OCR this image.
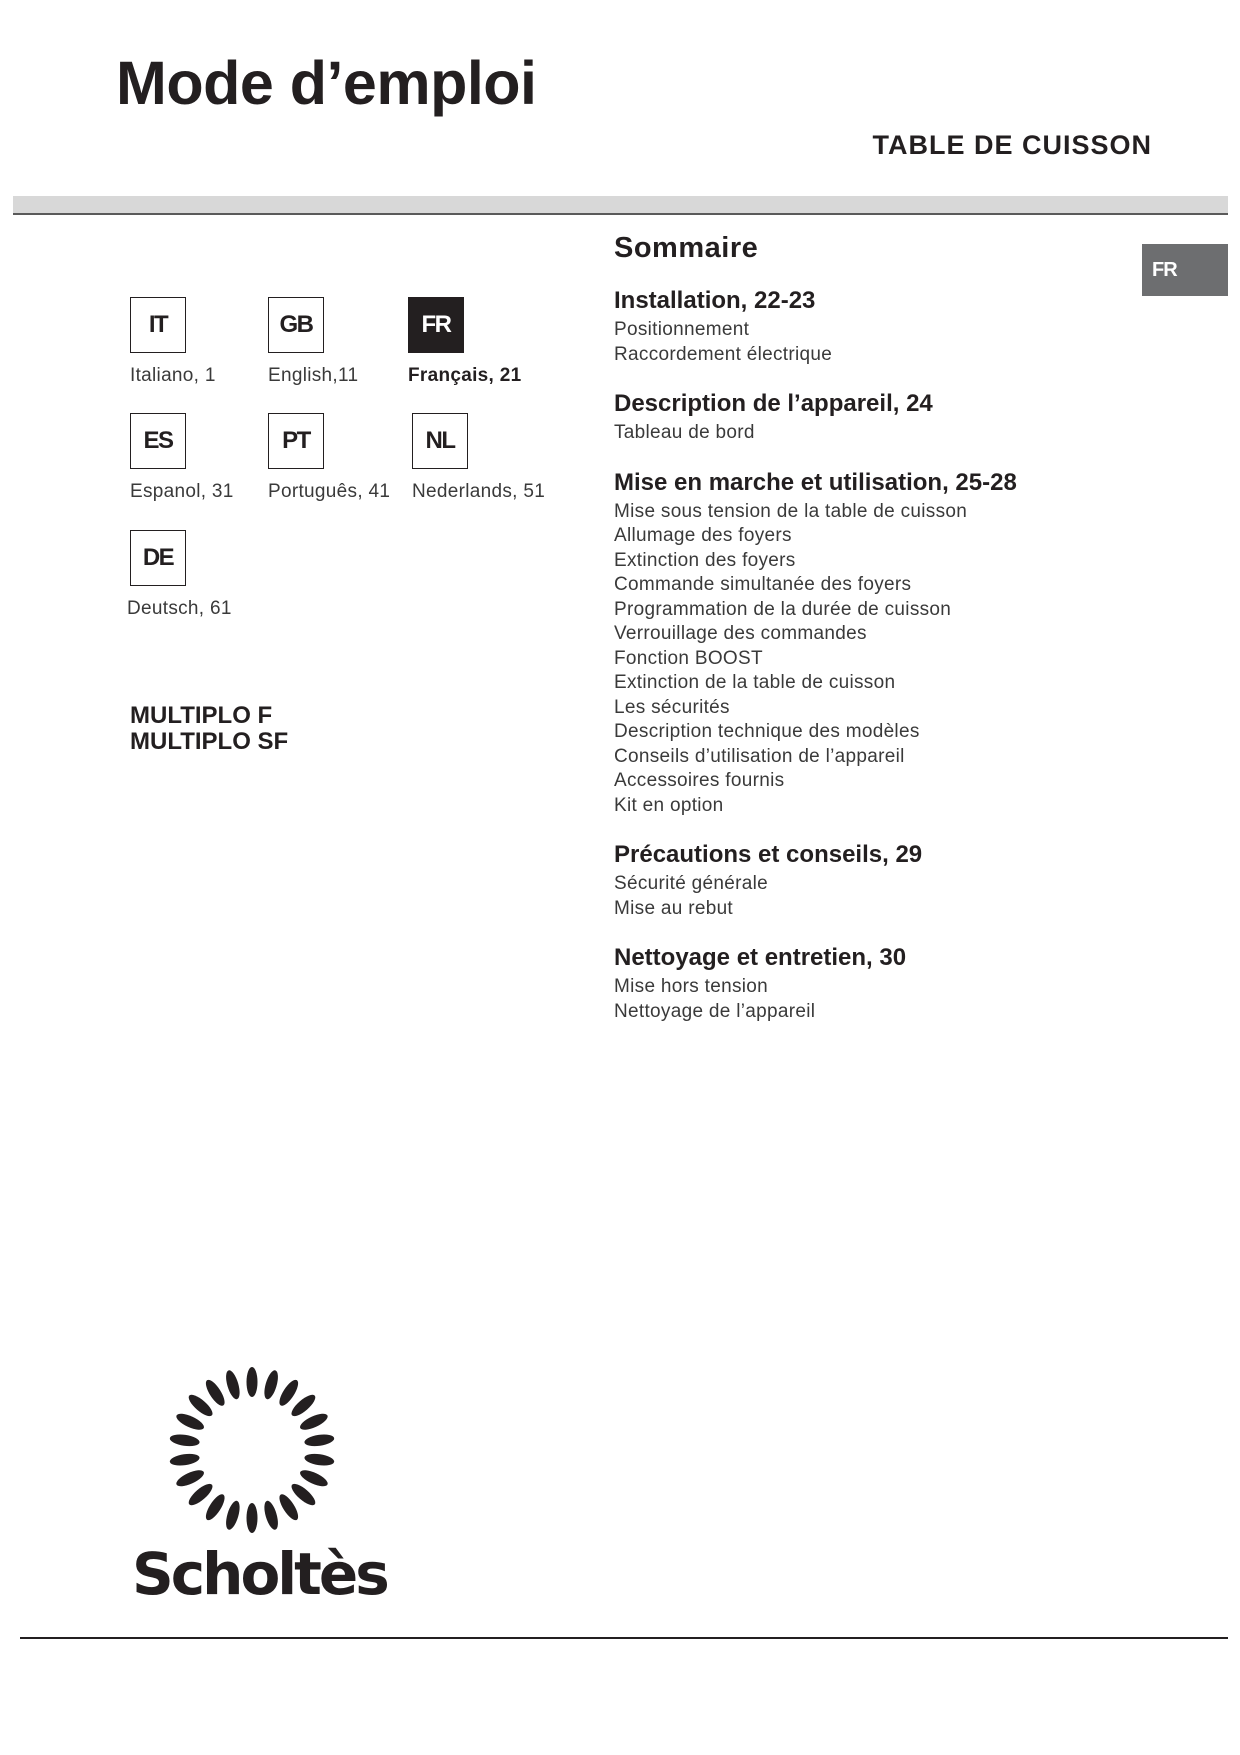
Mode d’emploi
TABLE DE CUISSON
FR
IT
Italiano, 1
GB
English,11
FR
Français, 21
ES
Espanol, 31
PT
Português, 41
NL
Nederlands, 51
DE
Deutsch, 61
MULTIPLO F
MULTIPLO SF
Sommaire
Installation, 22-23
Positionnement
Raccordement électrique
Description de l’appareil, 24
Tableau de bord
Mise en marche et utilisation, 25-28
Mise sous tension de la table de cuisson
Allumage des foyers
Extinction des foyers
Commande simultanée des foyers
Programmation de la durée de cuisson
Verrouillage des commandes
Fonction BOOST
Extinction de la table de cuisson
Les sécurités
Description technique des modèles
Conseils d’utilisation de l’appareil
Accessoires fournis
Kit en option
Précautions et conseils, 29
Sécurité générale
Mise au rebut
Nettoyage et entretien, 30
Mise hors tension
Nettoyage de l’appareil
Scholtès
